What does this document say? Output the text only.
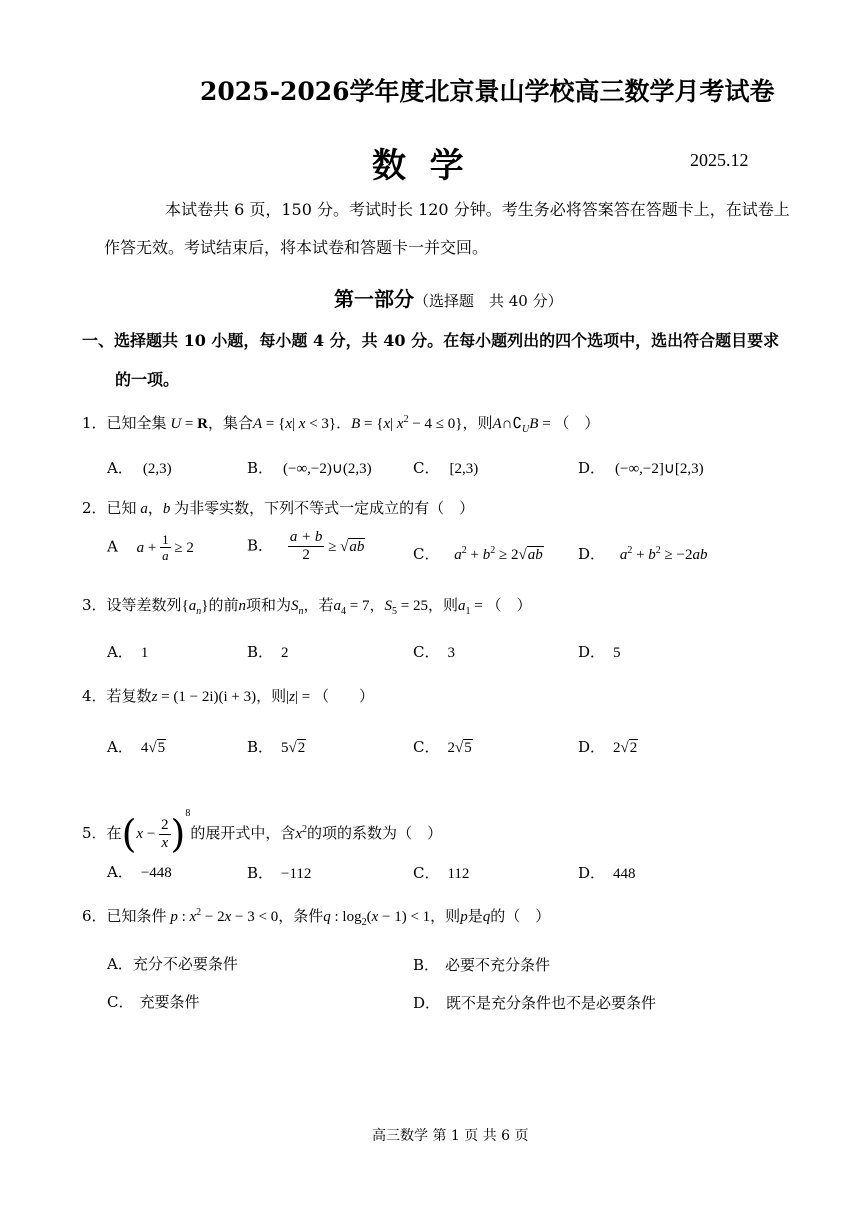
2025-2026学年度北京景山学校高三数学月考试卷
数  学	2025.12
本试卷共 6 页，150 分。考试时长 120 分钟。考生务必将答案答在答题卡上，在试卷上
作答无效。考试结束后，将本试卷和答题卡一并交回。
第一部分（选择题　共 40 分）
一、选择题共 10 小题，每小题 4 分，共 40 分。在每小题列出的四个选项中，选出符合题目要求
的一项。
1．已知全集 U = R，集合A = {x| x < 3}．B = {x| $x^2 - 4 \le 0$}，则$A\cap∁_UB$ = （　）
A． (2,3)	B． (−∞,−2)∪(2,3)	C． [2,3)	D． (−∞,−2]∪[2,3)
2．已知 a，b 为非零实数，下列不等式一定成立的有（　）
A $a + \frac{1}{a} \ge 2$	B． $\frac{a + b}{2} \ge √ab$	C． $a^2 + b^2 \ge 2√ab$ D． $a^2 + b^2 \ge -2ab$
3．设等差数列$\{a_n\}$的前n项和为$S_n$，若$a_4 = 7$，$S_5 = 25$，则$a_1$ = （　）
A． 1	B． 2	C． 3	D． 5
4．若复数z = (1 − 2i)(i + 3)，则|z| = （　　）
A． 4√5	B． 5√2	C． 2√5	D． 2√2
5．在$(x - \frac{2}{x} )^8$的展开式中，含$x^2$的项的系数为（　）
A． −448	B． −112	C． 112	D． 448
6．已知条件 p : $x^2 - 2x - 3 < 0$，条件q : $\log_2(x - 1) < 1$，则p是q的（　）
A．充分不必要条件	B． 必要不充分条件
C． 充要条件	D． 既不是充分条件也不是必要条件
高三数学 第 1 页 共 6 页
